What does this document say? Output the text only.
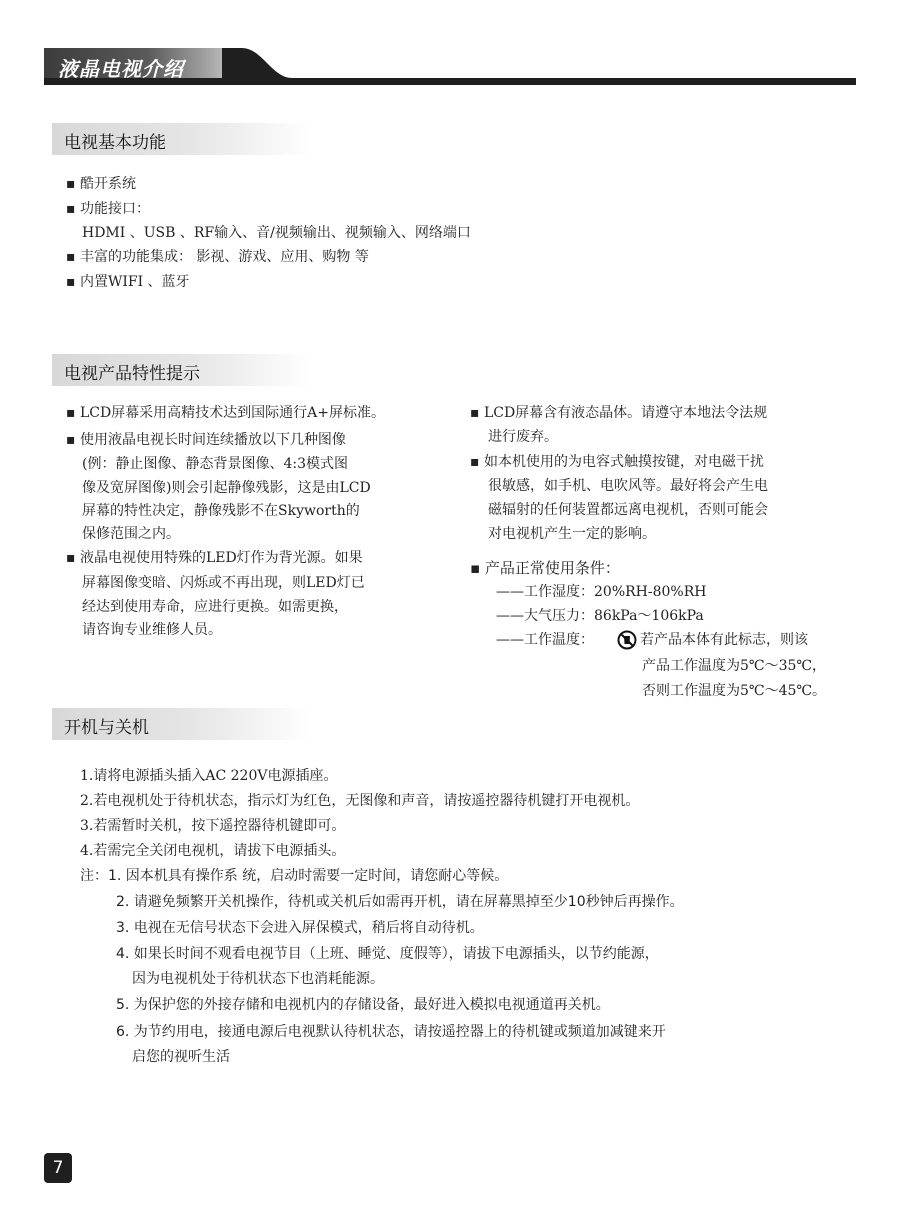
液晶电视介绍
电视基本功能
▪ 酷开系统
▪ 功能接口：
HDMI 、USB 、RF输入、音/视频输出、视频输入、网络端口
▪ 丰富的功能集成： 影视、游戏、应用、购物 等
▪ 内置WIFI 、蓝牙
电视产品特性提示
▪ LCD屏幕采用高精技术达到国际通行A+屏标准。
▪ 使用液晶电视长时间连续播放以下几种图像
(例：静止图像、静态背景图像、4:3模式图
像及宽屏图像)则会引起静像残影，这是由LCD
屏幕的特性决定，静像残影不在Skyworth的
保修范围之内。
▪ 液晶电视使用特殊的LED灯作为背光源。如果
屏幕图像变暗、闪烁或不再出现，则LED灯已
经达到使用寿命，应进行更换。如需更换，
请咨询专业维修人员。
▪ LCD屏幕含有液态晶体。请遵守本地法令法规
进行废弃。
▪ 如本机使用的为电容式触摸按键，对电磁干扰
很敏感，如手机、电吹风等。最好将会产生电
磁辐射的任何装置都远离电视机，否则可能会
对电视机产生一定的影响。
▪ 产品正常使用条件：
——工作湿度：20%RH-80%RH
——大气压力：86kPa～106kPa
——工作温度：	若产品本体有此标志，则该
产品工作温度为5℃～35℃，
否则工作温度为5℃～45℃。
开机与关机
1.请将电源插头插入AC 220V电源插座。
2.若电视机处于待机状态，指示灯为红色，无图像和声音，请按遥控器待机键打开电视机。
3.若需暂时关机，按下遥控器待机键即可。
4.若需完全关闭电视机，请拔下电源插头。
注：1. 因本机具有操作系 统，启动时需要一定时间，请您耐心等候。
2. 请避免频繁开关机操作，待机或关机后如需再开机，请在屏幕黑掉至少10秒钟后再操作。
3. 电视在无信号状态下会进入屏保模式，稍后将自动待机。
4. 如果长时间不观看电视节目（上班、睡觉、度假等），请拔下电源插头，以节约能源，
因为电视机处于待机状态下也消耗能源。
5. 为保护您的外接存储和电视机内的存储设备，最好进入模拟电视通道再关机。
6. 为节约用电，接通电源后电视默认待机状态，请按遥控器上的待机键或频道加减键来开
启您的视听生活
7
